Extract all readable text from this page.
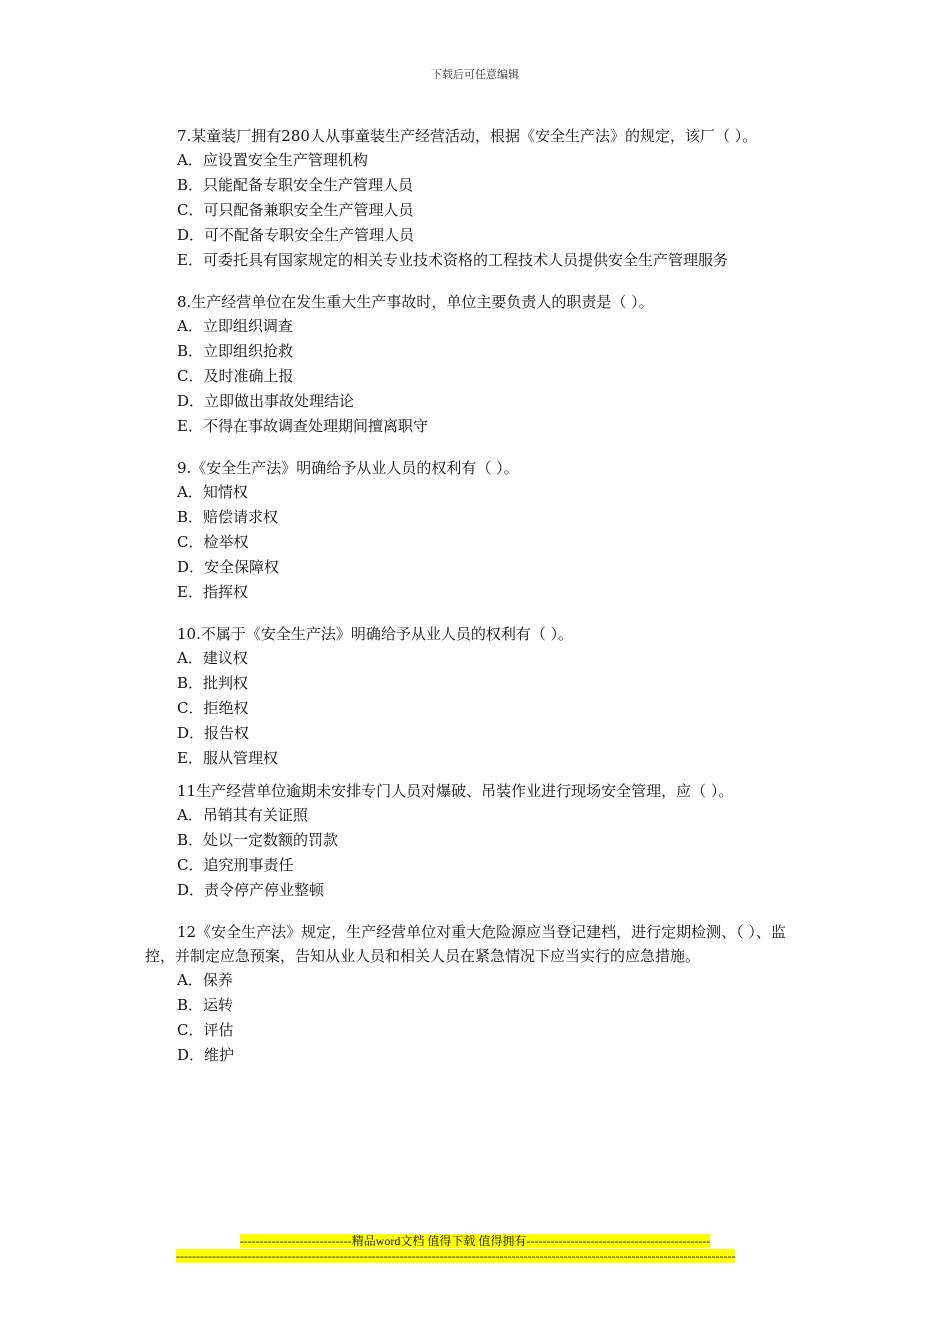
下载后可任意编辑

7.某童装厂拥有280人从事童装生产经营活动，根据《安全生产法》的规定，该厂（ ）。

A．应设置安全生产管理机构

B．只能配备专职安全生产管理人员

C．可只配备兼职安全生产管理人员

D．可不配备专职安全生产管理人员

E．可委托具有国家规定的相关专业技术资格的工程技术人员提供安全生产管理服务

8.生产经营单位在发生重大生产事故时，单位主要负责人的职责是（ ）。

A．立即组织调查

B．立即组织抢救

C．及时准确上报

D．立即做出事故处理结论

E．不得在事故调查处理期间擅离职守

9.《安全生产法》明确给予从业人员的权利有（ ）。

A．知情权

B．赔偿请求权

C．检举权

D．安全保障权

E．指挥权

10.不属于《安全生产法》明确给予从业人员的权利有（ ）。

A．建议权

B．批判权

C．拒绝权

D．报告权

E．服从管理权

11生产经营单位逾期未安排专门人员对爆破、吊装作业进行现场安全管理，应（ ）。

A．吊销其有关证照

B．处以一定数额的罚款

C．追究刑事责任

D．责令停产停业整顿

12《安全生产法》规定，生产经营单位对重大危险源应当登记建档，进行定期检测、（ ）、监控，并制定应急预案，告知从业人员和相关人员在紧急情况下应当实行的应急措施。

A．保养

B．运转

C．评估

D．维护

----------------------------精品word文档 值得下载 值得拥有----------------------------------------------
--------------------------------------------------------------------------------------------------------------------------------------------
